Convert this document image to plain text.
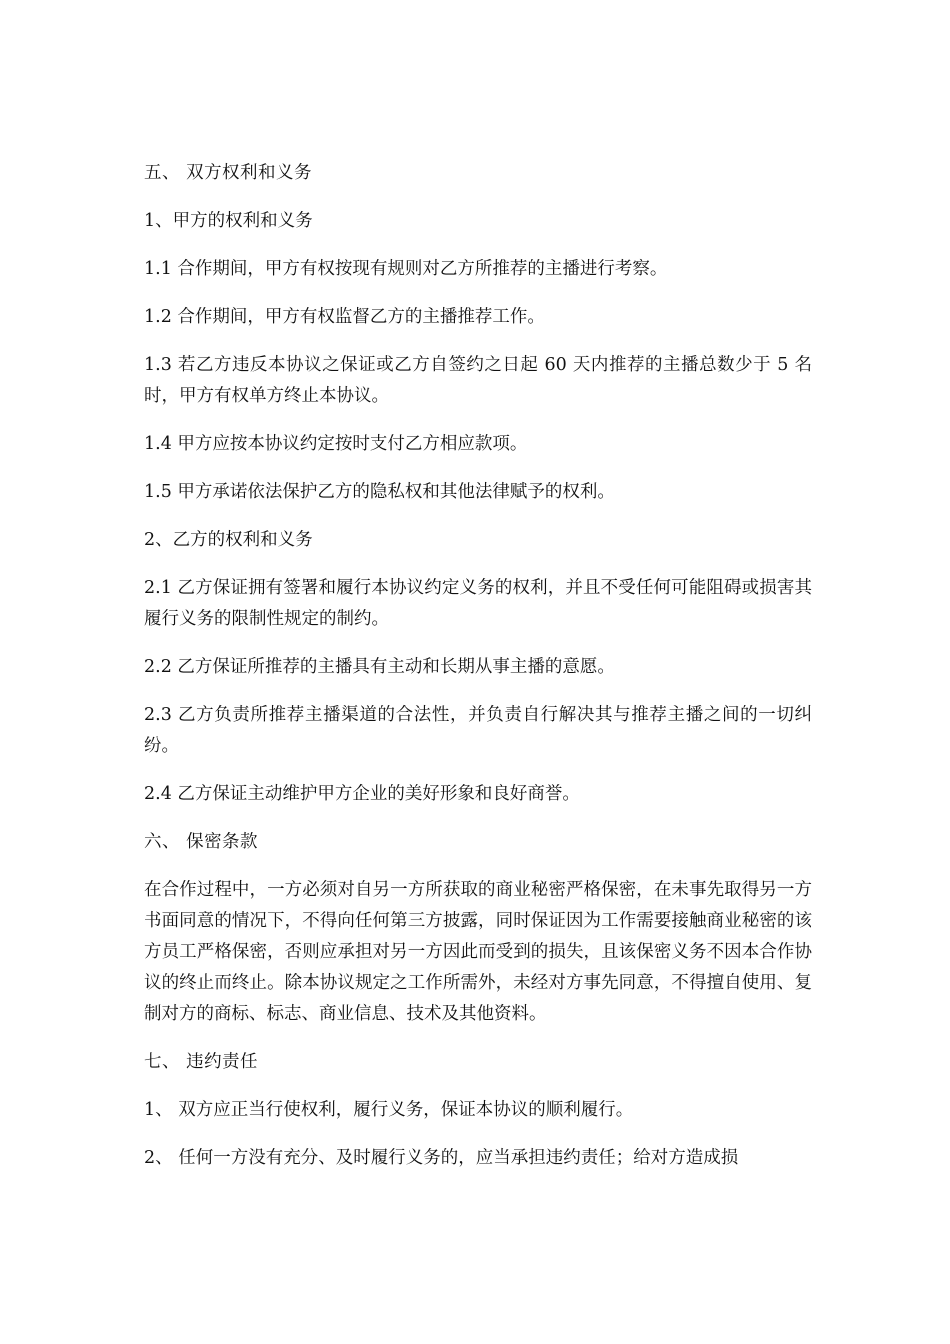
五、 双方权利和义务

1、甲方的权利和义务

1.1 合作期间，甲方有权按现有规则对乙方所推荐的主播进行考察。

1.2 合作期间，甲方有权监督乙方的主播推荐工作。

1.3 若乙方违反本协议之保证或乙方自签约之日起 60 天内推荐的主播总数少于 5 名时，甲方有权单方终止本协议。

1.4 甲方应按本协议约定按时支付乙方相应款项。

1.5 甲方承诺依法保护乙方的隐私权和其他法律赋予的权利。

2、乙方的权利和义务

2.1 乙方保证拥有签署和履行本协议约定义务的权利，并且不受任何可能阻碍或损害其履行义务的限制性规定的制约。

2.2 乙方保证所推荐的主播具有主动和长期从事主播的意愿。

2.3 乙方负责所推荐主播渠道的合法性，并负责自行解决其与推荐主播之间的一切纠纷。

2.4 乙方保证主动维护甲方企业的美好形象和良好商誉。

六、 保密条款

在合作过程中，一方必须对自另一方所获取的商业秘密严格保密，在未事先取得另一方书面同意的情况下，不得向任何第三方披露，同时保证因为工作需要接触商业秘密的该方员工严格保密，否则应承担对另一方因此而受到的损失，且该保密义务不因本合作协议的终止而终止。除本协议规定之工作所需外，未经对方事先同意，不得擅自使用、复制对方的商标、标志、商业信息、技术及其他资料。

七、 违约责任

1、 双方应正当行使权利，履行义务，保证本协议的顺利履行。

2、 任何一方没有充分、及时履行义务的，应当承担违约责任；给对方造成损
